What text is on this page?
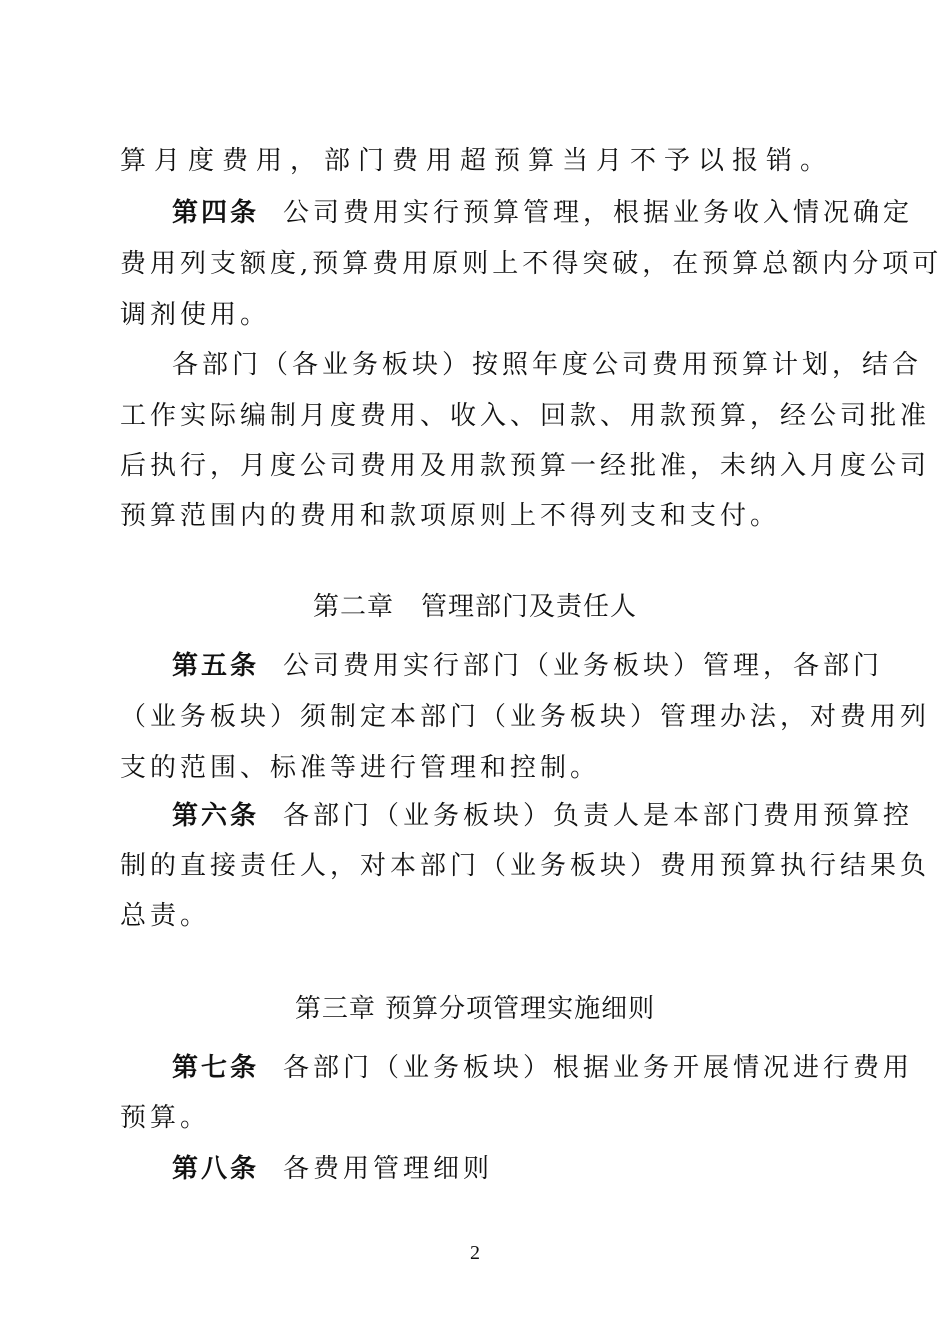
算月度费用，部门费用超预算当月不予以报销。
第四条 公司费用实行预算管理，根据业务收入情况确定
费用列支额度,预算费用原则上不得突破，在预算总额内分项可
调剂使用。
各部门（各业务板块）按照年度公司费用预算计划，结合
工作实际编制月度费用、收入、回款、用款预算，经公司批准
后执行，月度公司费用及用款预算一经批准，未纳入月度公司
预算范围内的费用和款项原则上不得列支和支付。
第二章　管理部门及责任人
第五条 公司费用实行部门（业务板块）管理，各部门
（业务板块）须制定本部门（业务板块）管理办法，对费用列
支的范围、标准等进行管理和控制。
第六条 各部门（业务板块）负责人是本部门费用预算控
制的直接责任人，对本部门（业务板块）费用预算执行结果负
总责。
第三章 预算分项管理实施细则
第七条 各部门（业务板块）根据业务开展情况进行费用
预算。
第八条 各费用管理细则
2
